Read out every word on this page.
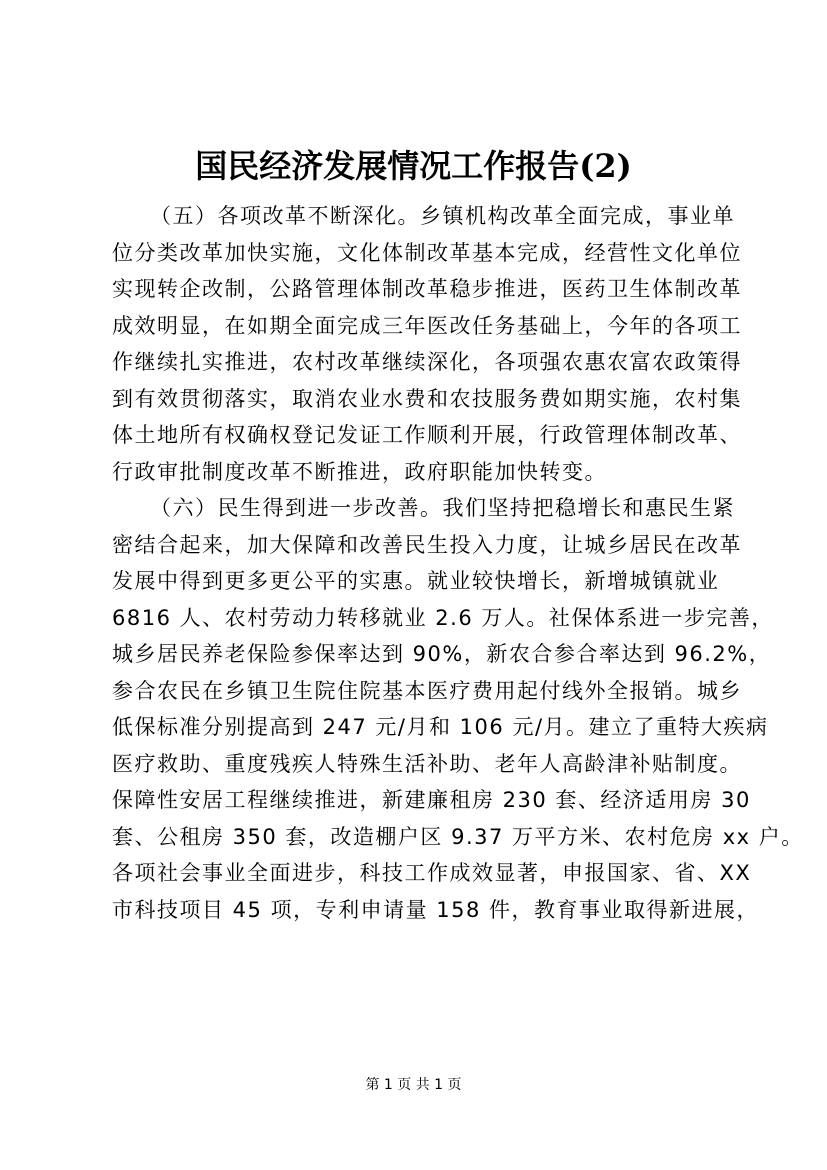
国民经济发展情况工作报告(2)
（五）各项改革不断深化。乡镇机构改革全面完成，事业单
位分类改革加快实施，文化体制改革基本完成，经营性文化单位
实现转企改制，公路管理体制改革稳步推进，医药卫生体制改革
成效明显，在如期全面完成三年医改任务基础上，今年的各项工
作继续扎实推进，农村改革继续深化，各项强农惠农富农政策得
到有效贯彻落实，取消农业水费和农技服务费如期实施，农村集
体土地所有权确权登记发证工作顺利开展，行政管理体制改革、
行政审批制度改革不断推进，政府职能加快转变。
（六）民生得到进一步改善。我们坚持把稳增长和惠民生紧
密结合起来，加大保障和改善民生投入力度，让城乡居民在改革
发展中得到更多更公平的实惠。就业较快增长，新增城镇就业
6816 人、农村劳动力转移就业 2.6 万人。社保体系进一步完善，
城乡居民养老保险参保率达到 90%，新农合参合率达到 96.2%，
参合农民在乡镇卫生院住院基本医疗费用起付线外全报销。城乡
低保标准分别提高到 247 元/月和 106 元/月。建立了重特大疾病
医疗救助、重度残疾人特殊生活补助、老年人高龄津补贴制度。
保障性安居工程继续推进，新建廉租房 230 套、经济适用房 30
套、公租房 350 套，改造棚户区 9.37 万平方米、农村危房 xx 户。
各项社会事业全面进步，科技工作成效显著，申报国家、省、XX
市科技项目 45 项，专利申请量 158 件，教育事业取得新进展，
第 1 页 共 1 页
